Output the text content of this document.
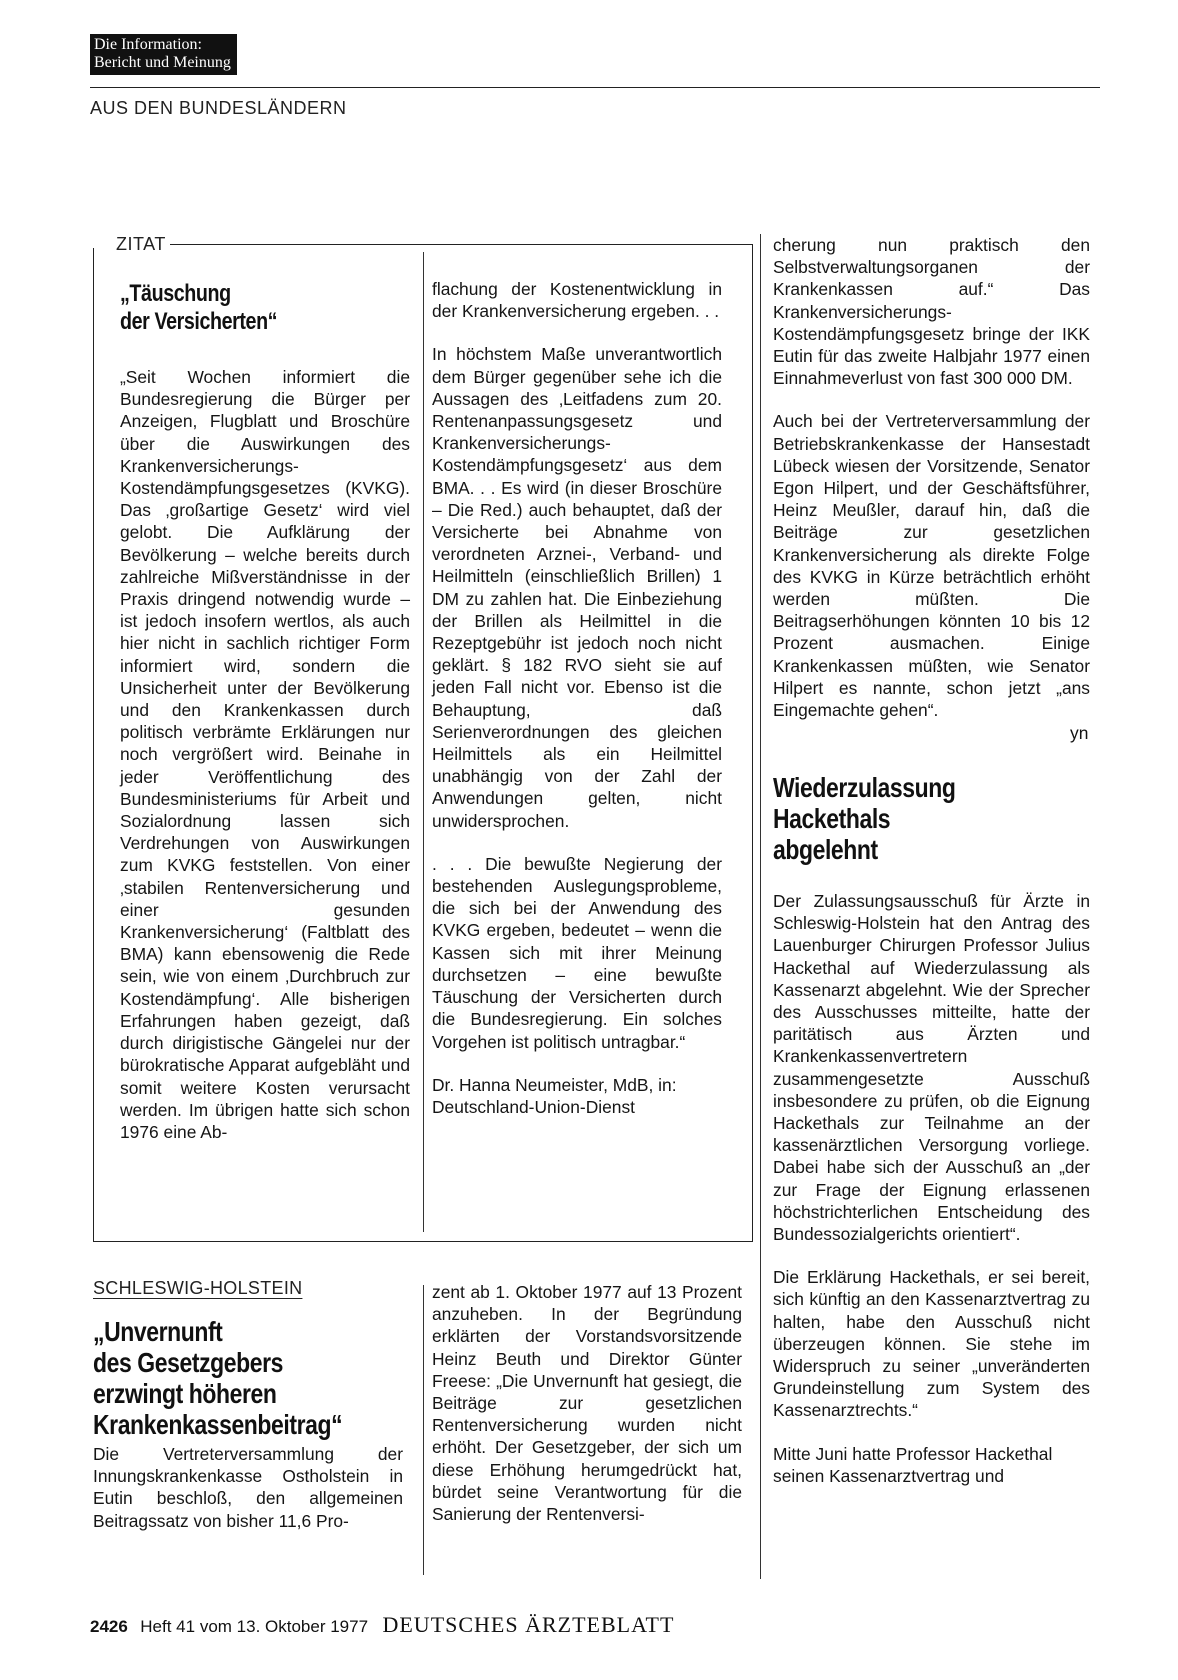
Die Information:
Bericht und Meinung
AUS DEN BUNDESLÄNDERN
ZITAT
„Täuschung
der Versicherten“

„Seit Wochen informiert die Bundesregierung die Bürger per Anzeigen, Flugblatt und Broschüre über die Auswirkungen des Krankenversicherungs-Kostendämpfungsgesetzes (KVKG). Das ‚großartige Gesetz‘ wird viel gelobt. Die Aufklärung der Bevölkerung – welche bereits durch zahlreiche Mißverständnisse in der Praxis dringend notwendig wurde – ist jedoch insofern wertlos, als auch hier nicht in sachlich richtiger Form informiert wird, sondern die Unsicherheit unter der Bevölkerung und den Krankenkassen durch politisch verbrämte Erklärungen nur noch vergrößert wird. Beinahe in jeder Veröffentlichung des Bundesministeriums für Arbeit und Sozialordnung lassen sich Verdrehungen von Auswirkungen zum KVKG feststellen. Von einer ‚stabilen Rentenversicherung und einer gesunden Krankenversicherung‘ (Faltblatt des BMA) kann ebensowenig die Rede sein, wie von einem ‚Durchbruch zur Kostendämpfung‘. Alle bisherigen Erfahrungen haben gezeigt, daß durch dirigistische Gängelei nur der bürokratische Apparat aufgebläht und somit weitere Kosten verursacht werden. Im übrigen hatte sich schon 1976 eine Ab-

flachung der Kostenentwicklung in der Krankenversicherung ergeben. . .

In höchstem Maße unverantwortlich dem Bürger gegenüber sehe ich die Aussagen des ‚Leitfadens zum 20. Rentenanpassungsgesetz und Krankenversicherungs-Kostendämpfungsgesetz‘ aus dem BMA. . . Es wird (in dieser Broschüre – Die Red.) auch behauptet, daß der Versicherte bei Abnahme von verordneten Arznei-, Verband- und Heilmitteln (einschließlich Brillen) 1 DM zu zahlen hat. Die Einbeziehung der Brillen als Heilmittel in die Rezeptgebühr ist jedoch noch nicht geklärt. § 182 RVO sieht sie auf jeden Fall nicht vor. Ebenso ist die Behauptung, daß Serienverordnungen des gleichen Heilmittels als ein Heilmittel unabhängig von der Zahl der Anwendungen gelten, nicht unwidersprochen.

. . . Die bewußte Negierung der bestehenden Auslegungsprobleme, die sich bei der Anwendung des KVKG ergeben, bedeutet – wenn die Kassen sich mit ihrer Meinung durchsetzen – eine bewußte Täuschung der Versicherten durch die Bundesregierung. Ein solches Vorgehen ist politisch untragbar.“

Dr. Hanna Neumeister, MdB, in: Deutschland-Union-Dienst

SCHLESWIG-HOLSTEIN
„Unvernunft
des Gesetzgebers
erzwingt höheren
Krankenkassenbeitrag“

Die Vertreterversammlung der Innungskrankenkasse Ostholstein in Eutin beschloß, den allgemeinen Beitragssatz von bisher 11,6 Pro-

zent ab 1. Oktober 1977 auf 13 Prozent anzuheben. In der Begründung erklärten der Vorstandsvorsitzende Heinz Beuth und Direktor Günter Freese: „Die Unvernunft hat gesiegt, die Beiträge zur gesetzlichen Rentenversicherung wurden nicht erhöht. Der Gesetzgeber, der sich um diese Erhöhung herumgedrückt hat, bürdet seine Verantwortung für die Sanierung der Rentenversi-

cherung nun praktisch den Selbstverwaltungsorganen der Krankenkassen auf.“ Das Krankenversicherungs-Kostendämpfungsgesetz bringe der IKK Eutin für das zweite Halbjahr 1977 einen Einnahmeverlust von fast 300 000 DM.

Auch bei der Vertreterversammlung der Betriebskrankenkasse der Hansestadt Lübeck wiesen der Vorsitzende, Senator Egon Hilpert, und der Geschäftsführer, Heinz Meußler, darauf hin, daß die Beiträge zur gesetzlichen Krankenversicherung als direkte Folge des KVKG in Kürze beträchtlich erhöht werden müßten. Die Beitragserhöhungen könnten 10 bis 12 Prozent ausmachen. Einige Krankenkassen müßten, wie Senator Hilpert es nannte, schon jetzt „ans Eingemachte gehen“.

yn
Wiederzulassung
Hackethals
abgelehnt

Der Zulassungsausschuß für Ärzte in Schleswig-Holstein hat den Antrag des Lauenburger Chirurgen Professor Julius Hackethal auf Wiederzulassung als Kassenarzt abgelehnt. Wie der Sprecher des Ausschusses mitteilte, hatte der paritätisch aus Ärzten und Krankenkassenvertretern zusammengesetzte Ausschuß insbesondere zu prüfen, ob die Eignung Hackethals zur Teilnahme an der kassenärztlichen Versorgung vorliege. Dabei habe sich der Ausschuß an „der zur Frage der Eignung erlassenen höchstrichterlichen Entscheidung des Bundessozialgerichts orientiert“.

Die Erklärung Hackethals, er sei bereit, sich künftig an den Kassenarztvertrag zu halten, habe den Ausschuß nicht überzeugen können. Sie stehe im Widerspruch zu seiner „unveränderten Grundeinstellung zum System des Kassenarztrechts.“

Mitte Juni hatte Professor Hackethal seinen Kassenarztvertrag und

2426 Heft 41 vom 13. Oktober 1977 DEUTSCHES ÄRZTEBLATT
